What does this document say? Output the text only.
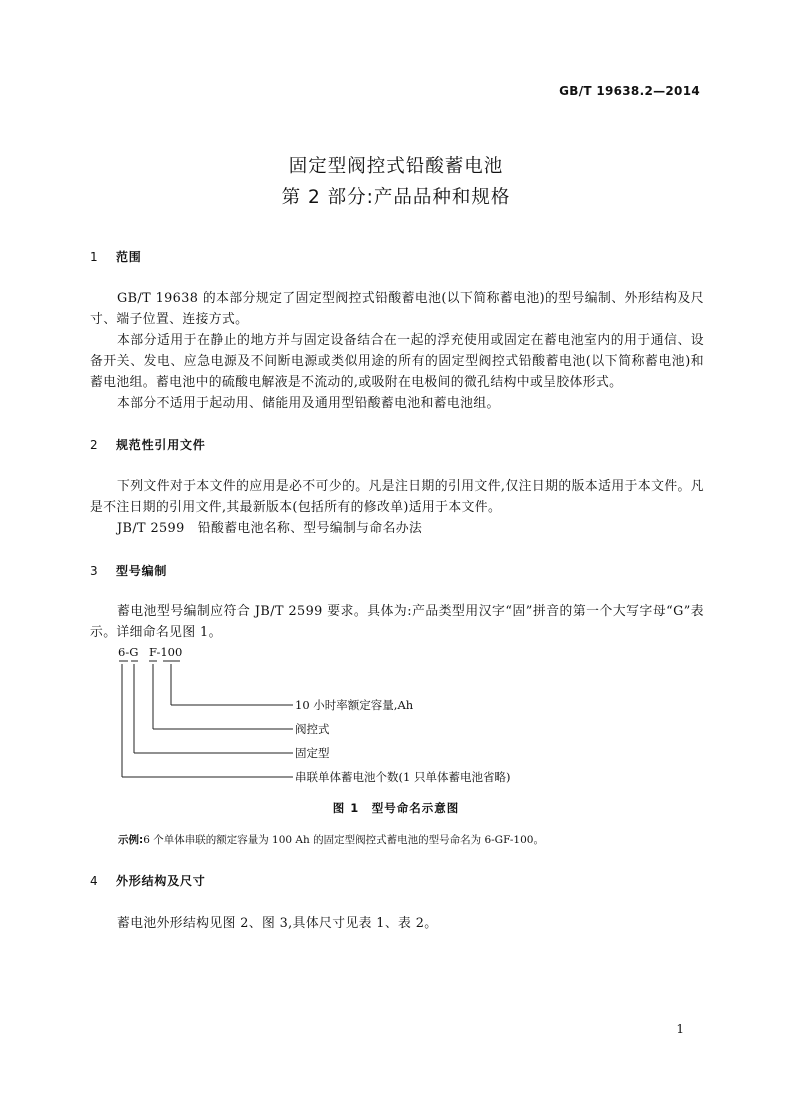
GB/T 19638.2—2014
固定型阀控式铅酸蓄电池
第 2 部分:产品品种和规格
1 范围
GB/T 19638 的本部分规定了固定型阀控式铅酸蓄电池(以下简称蓄电池)的型号编制、外形结构及尺寸、端子位置、连接方式。
本部分适用于在静止的地方并与固定设备结合在一起的浮充使用或固定在蓄电池室内的用于通信、设备开关、发电、应急电源及不间断电源或类似用途的所有的固定型阀控式铅酸蓄电池(以下简称蓄电池)和蓄电池组。蓄电池中的硫酸电解液是不流动的,或吸附在电极间的微孔结构中或呈胶体形式。
本部分不适用于起动用、储能用及通用型铅酸蓄电池和蓄电池组。
2 规范性引用文件
下列文件对于本文件的应用是必不可少的。凡是注日期的引用文件,仅注日期的版本适用于本文件。凡是不注日期的引用文件,其最新版本(包括所有的修改单)适用于本文件。
JB/T 2599　铅酸蓄电池名称、型号编制与命名办法
3 型号编制
蓄电池型号编制应符合 JB/T 2599 要求。具体为:产品类型用汉字“固”拼音的第一个大写字母“G”表示。详细命名见图 1。
6-G F-100
10 小时率额定容量,Ah
阀控式
固定型
串联单体蓄电池个数(1 只单体蓄电池省略)
图 1　型号命名示意图
示例:6 个单体串联的额定容量为 100 Ah 的固定型阀控式蓄电池的型号命名为 6-GF-100。
4 外形结构及尺寸
蓄电池外形结构见图 2、图 3,具体尺寸见表 1、表 2。
1
